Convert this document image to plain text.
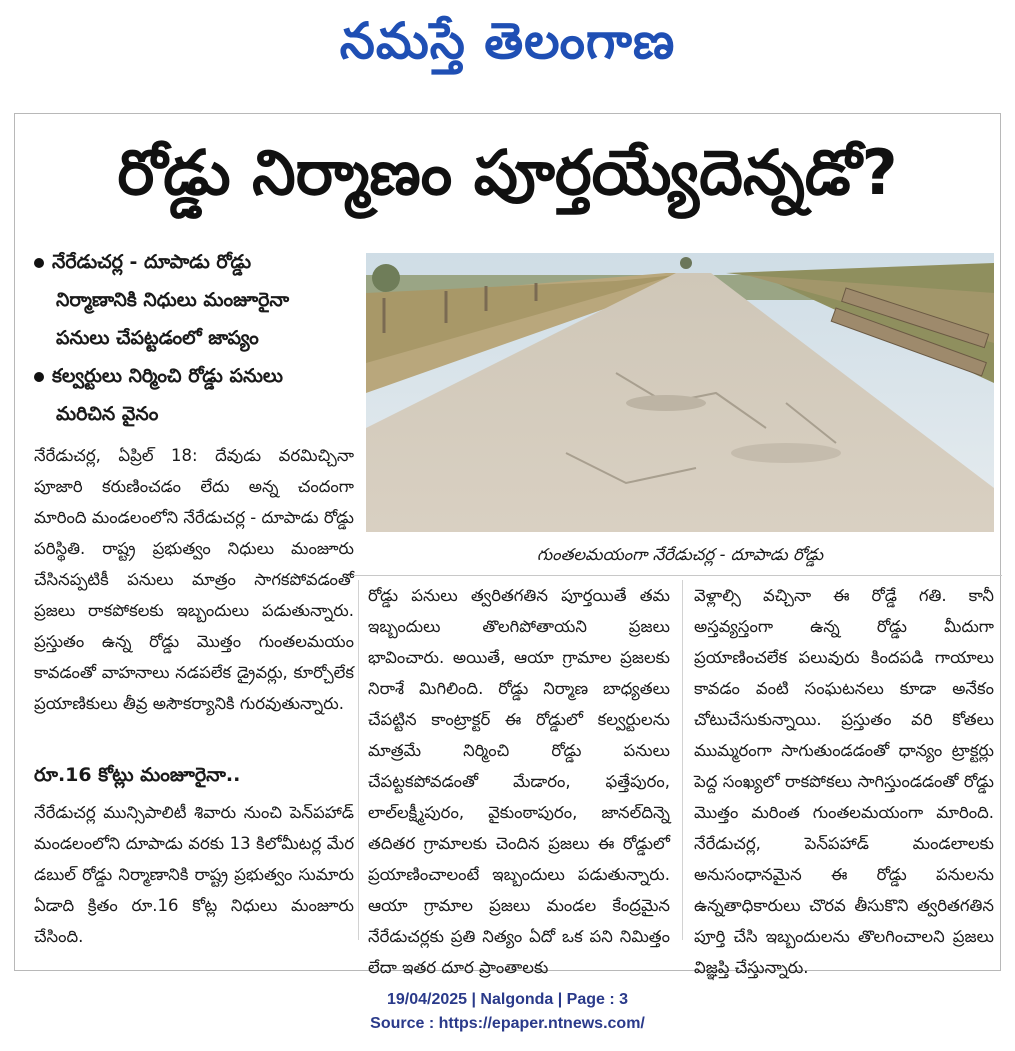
నమస్తే తెలంగాణ
రోడ్డు నిర్మాణం పూర్తయ్యేదెన్నడో?
నేరేడుచర్ల - దూపాడు రోడ్డు
నిర్మాణానికి నిధులు మంజూరైనా
పనులు చేపట్టడంలో జాప్యం
కల్వర్టులు నిర్మించి రోడ్డు పనులు
మరిచిన వైనం
నేరేడుచర్ల, ఏప్రిల్ 18: దేవుడు వరమిచ్చినా పూజారి కరుణించడం లేదు అన్న చందంగా మారింది మండలంలోని నేరేడుచర్ల - దూపాడు రోడ్డు పరిస్థితి. రాష్ట్ర ప్రభుత్వం నిధులు మంజూరు చేసినప్పటికీ పనులు మాత్రం సాగకపోవడంతో ప్రజలు రాకపోకలకు ఇబ్బందులు పడుతున్నారు. ప్రస్తుతం ఉన్న రోడ్డు మొత్తం గుంతలమయం కావడంతో వాహనాలు నడపలేక డ్రైవర్లు, కూర్చోలేక ప్రయాణికులు తీవ్ర అసౌకర్యానికి గురవుతున్నారు.
రూ.16 కోట్లు మంజూరైనా..
నేరేడుచర్ల మున్సిపాలిటీ శివారు నుంచి పెన్‌పహాడ్ మండలంలోని దూపాడు వరకు 13 కిలోమీటర్ల మేర డబుల్ రోడ్డు నిర్మాణానికి రాష్ట్ర ప్రభుత్వం సుమారు ఏడాది క్రితం రూ.16 కోట్ల నిధులు మంజూరు చేసింది.
గుంతలమయంగా నేరేడుచర్ల - దూపాడు రోడ్డు
రోడ్డు పనులు త్వరితగతిన పూర్తయితే తమ ఇబ్బందులు తొలగిపోతాయని ప్రజలు భావించారు. అయితే, ఆయా గ్రామాల ప్రజలకు నిరాశే మిగిలింది. రోడ్డు నిర్మాణ బాధ్యతలు చేపట్టిన కాంట్రాక్టర్ ఈ రోడ్డులో కల్వర్టులను మాత్రమే నిర్మించి రోడ్డు పనులు చేపట్టకపోవడంతో మేడారం, ఫత్తేపురం, లాల్‌లక్ష్మీపురం, వైకుంఠాపురం, జానల్‌దిన్నె తదితర గ్రామాలకు చెందిన ప్రజలు ఈ రోడ్డులో ప్రయాణించాలంటే ఇబ్బందులు పడుతున్నారు. ఆయా గ్రామాల ప్రజలు మండల కేంద్రమైన నేరేడుచర్లకు ప్రతి నిత్యం ఏదో ఒక పని నిమిత్తం లేదా ఇతర దూర ప్రాంతాలకు
వెళ్లాల్సి వచ్చినా ఈ రోడ్డే గతి. కానీ అస్తవ్యస్తంగా ఉన్న రోడ్డు మీదుగా ప్రయాణించలేక పలువురు కిందపడి గాయాలు కావడం వంటి సంఘటనలు కూడా అనేకం చోటుచేసుకున్నాయి. ప్రస్తుతం వరి కోతలు ముమ్మరంగా సాగుతుండడంతో ధాన్యం ట్రాక్టర్లు పెద్ద సంఖ్యలో రాకపోకలు సాగిస్తుండడంతో రోడ్డు మొత్తం మరింత గుంతలమయంగా మారింది. నేరేడుచర్ల, పెన్‌పహాడ్ మండలాలకు అనుసంధానమైన ఈ రోడ్డు పనులను ఉన్నతాధికారులు చొరవ తీసుకొని త్వరితగతిన పూర్తి చేసి ఇబ్బందులను తొలగించాలని ప్రజలు విజ్ఞప్తి చేస్తున్నారు.
19/04/2025 | Nalgonda | Page : 3
Source : https://epaper.ntnews.com/
